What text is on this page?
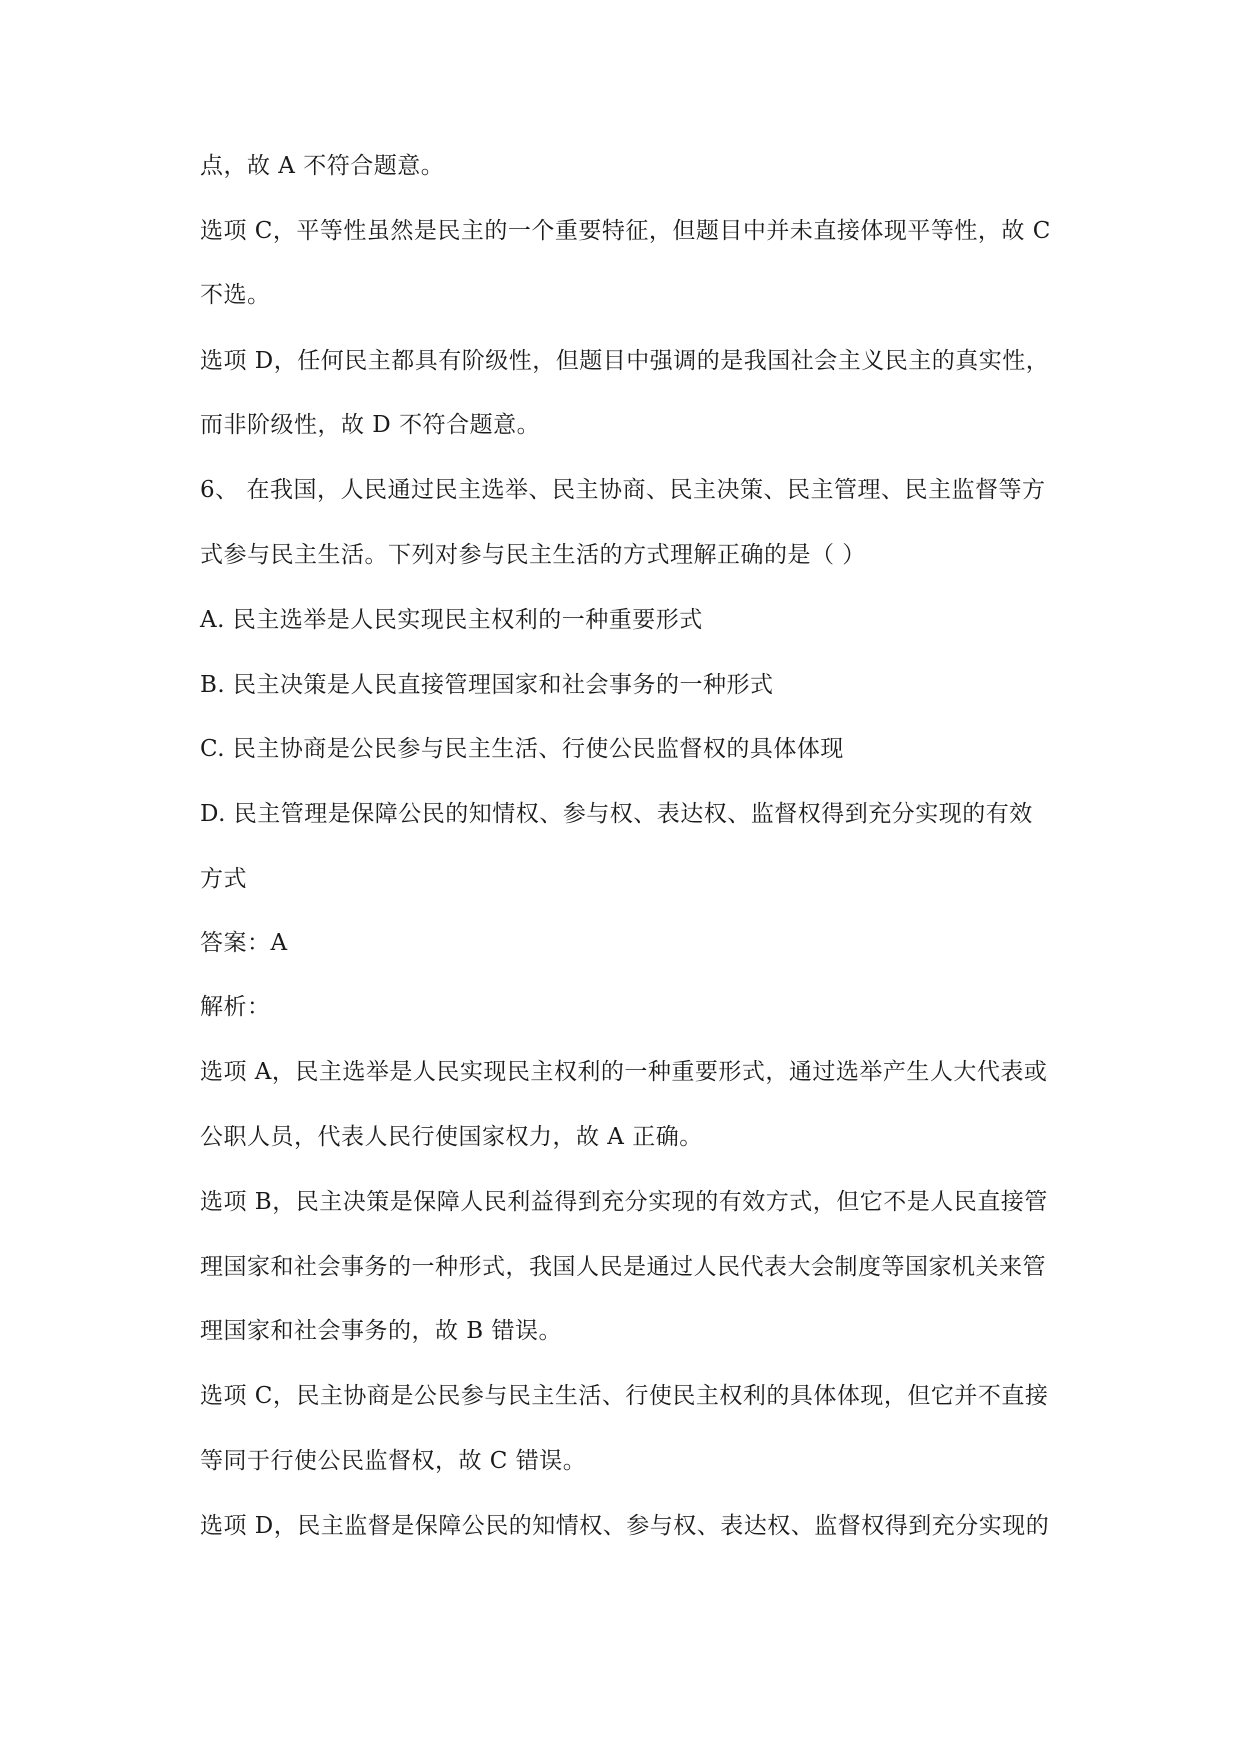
点，故 A 不符合题意。
选项 C，平等性虽然是民主的一个重要特征，但题目中并未直接体现平等性，故 C
不选。
选项 D，任何民主都具有阶级性，但题目中强调的是我国社会主义民主的真实性，
而非阶级性，故 D 不符合题意。
6、 在我国，人民通过民主选举、民主协商、民主决策、民主管理、民主监督等方
式参与民主生活。下列对参与民主生活的方式理解正确的是（ ）
A. 民主选举是人民实现民主权利的一种重要形式
B. 民主决策是人民直接管理国家和社会事务的一种形式
C. 民主协商是公民参与民主生活、行使公民监督权的具体体现
D. 民主管理是保障公民的知情权、参与权、表达权、监督权得到充分实现的有效
方式
答案：A
解析：
选项 A，民主选举是人民实现民主权利的一种重要形式，通过选举产生人大代表或
公职人员，代表人民行使国家权力，故 A 正确。
选项 B，民主决策是保障人民利益得到充分实现的有效方式，但它不是人民直接管
理国家和社会事务的一种形式，我国人民是通过人民代表大会制度等国家机关来管
理国家和社会事务的，故 B 错误。
选项 C，民主协商是公民参与民主生活、行使民主权利的具体体现，但它并不直接
等同于行使公民监督权，故 C 错误。
选项 D，民主监督是保障公民的知情权、参与权、表达权、监督权得到充分实现的
